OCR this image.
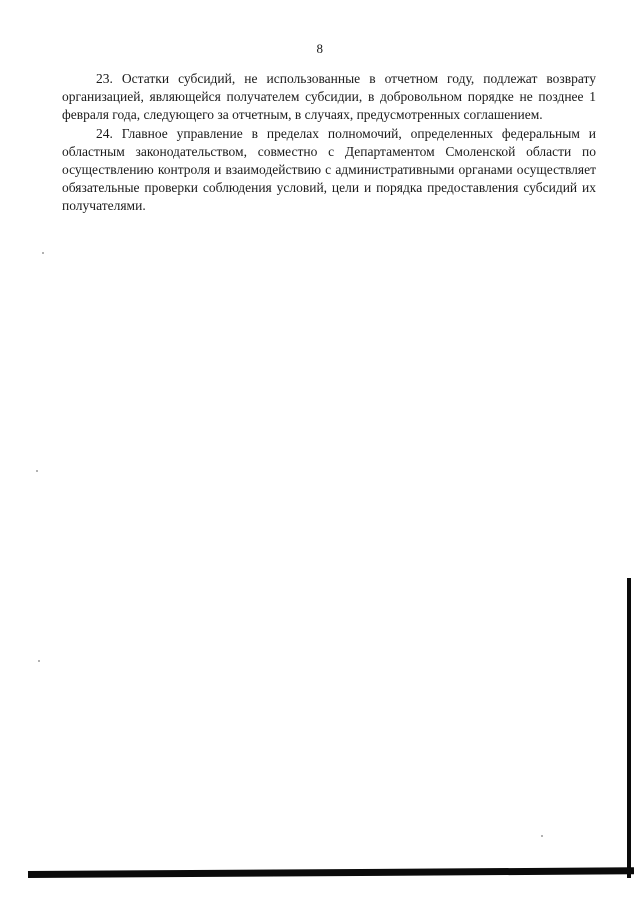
8

23. Остатки субсидий, не использованные в отчетном году, подлежат возврату организацией, являющейся получателем субсидии, в добровольном порядке не позднее 1 февраля года, следующего за отчетным, в случаях, предусмотренных соглашением.

24. Главное управление в пределах полномочий, определенных федеральным и областным законодательством, совместно с Департаментом Смоленской области по осуществлению контроля и взаимодействию с административными органами осуществляет обязательные проверки соблюдения условий, цели и порядка предоставления субсидий их получателями.
